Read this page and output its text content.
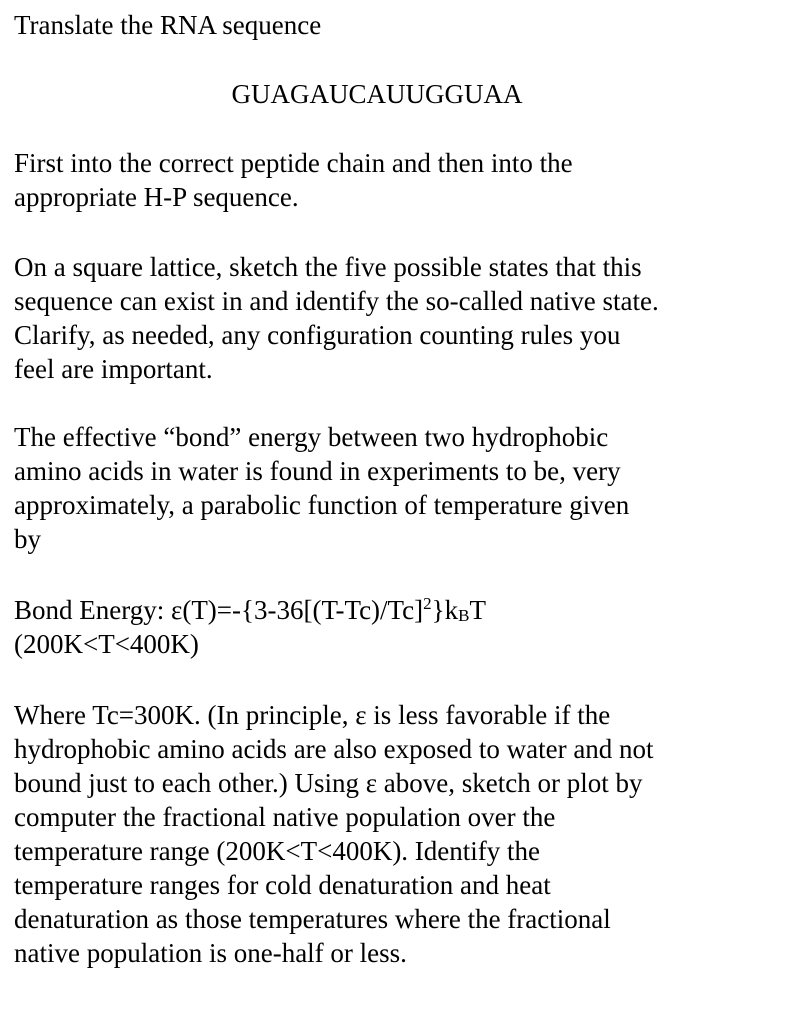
Translate the RNA sequence

GUAGAUCAUUGGUAA

First into the correct peptide chain and then into the

appropriate H-P sequence.

On a square lattice, sketch the five possible states that this

sequence can exist in and identify the so-called native state.

Clarify, as needed, any configuration counting rules you

feel are important.

The effective “bond” energy between two hydrophobic

amino acids in water is found in experiments to be, very

approximately, a parabolic function of temperature given

by

Bond Energy: $\varepsilon(T)=-\{3-36[(T-Tc)/Tc]^2\}k_BT$

(200K<T<400K)

Where Tc=300K. (In principle, ε is less favorable if the

hydrophobic amino acids are also exposed to water and not

bound just to each other.) Using ε above, sketch or plot by

computer the fractional native population over the

temperature range (200K<T<400K). Identify the

temperature ranges for cold denaturation and heat

denaturation as those temperatures where the fractional

native population is one-half or less.
